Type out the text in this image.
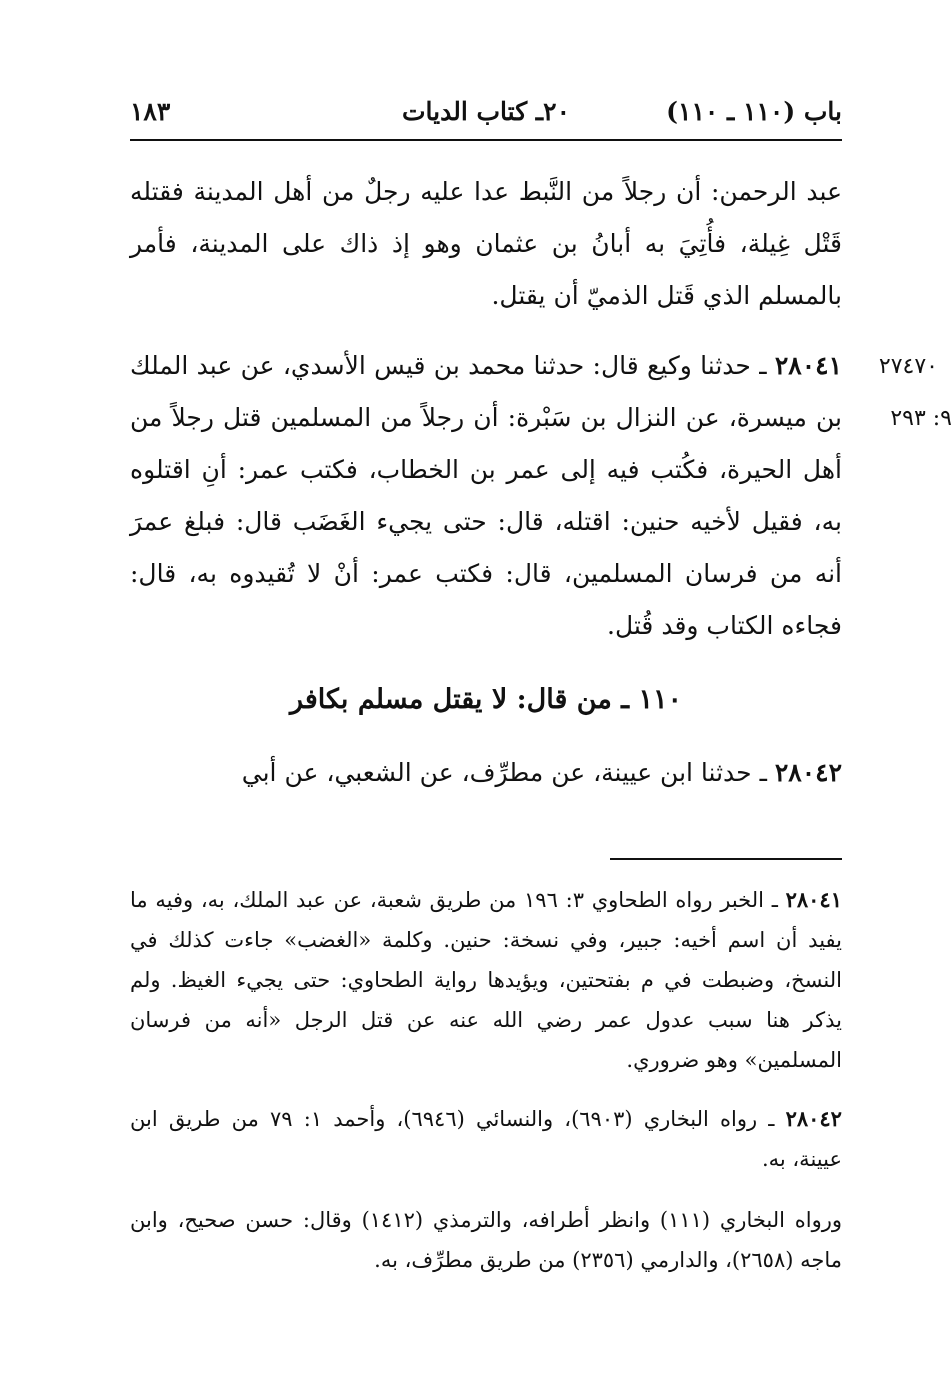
باب (١١٠ ـ ١١٠)
٢٠ـ كتاب الديات
١٨٣
عبد الرحمن: أن رجلاً من النَّبط عدا عليه رجلٌ من أهل المدينة فقتله قَتْل غِيلة، فأُتِيَ به أبانُ بن عثمان وهو إذ ذاك على المدينة، فأمر بالمسلم الذي قَتل الذميّ أن يقتل.
٢٧٤٧٠
٩: ٢٩٣
٢٨٠٤١ ـ حدثنا وكيع قال: حدثنا محمد بن قيس الأسدي، عن عبد الملك بن ميسرة، عن النزال بن سَبْرة: أن رجلاً من المسلمين قتل رجلاً من أهل الحيرة، فكُتب فيه إلى عمر بن الخطاب، فكتب عمر: أنِ اقتلوه به، فقيل لأخيه حنين: اقتله، قال: حتى يجيء الغَضَب قال: فبلغ عمرَ أنه من فرسان المسلمين، قال: فكتب عمر: أنْ لا تُقيدوه به، قال: فجاءه الكتاب وقد قُتل.
١١٠ ـ من قال: لا يقتل مسلم بكافر
٢٨٠٤٢ ـ حدثنا ابن عيينة، عن مطرِّف، عن الشعبي، عن أبي
٢٨٠٤١ ـ الخبر رواه الطحاوي ٣: ١٩٦ من طريق شعبة، عن عبد الملك، به، وفيه ما يفيد أن اسم أخيه: جبير، وفي نسخة: حنين. وكلمة «الغضب» جاءت كذلك في النسخ، وضبطت في م بفتحتين، ويؤيدها رواية الطحاوي: حتى يجيء الغيظ. ولم يذكر هنا سبب عدول عمر رضي الله عنه عن قتل الرجل «أنه من فرسان المسلمين» وهو ضروري.
٢٨٠٤٢ ـ رواه البخاري (٦٩٠٣)، والنسائي (٦٩٤٦)، وأحمد ١: ٧٩ من طريق ابن عيينة، به.
ورواه البخاري (١١١) وانظر أطرافه، والترمذي (١٤١٢) وقال: حسن صحيح، وابن ماجه (٢٦٥٨)، والدارمي (٢٣٥٦) من طريق مطرِّف، به.
